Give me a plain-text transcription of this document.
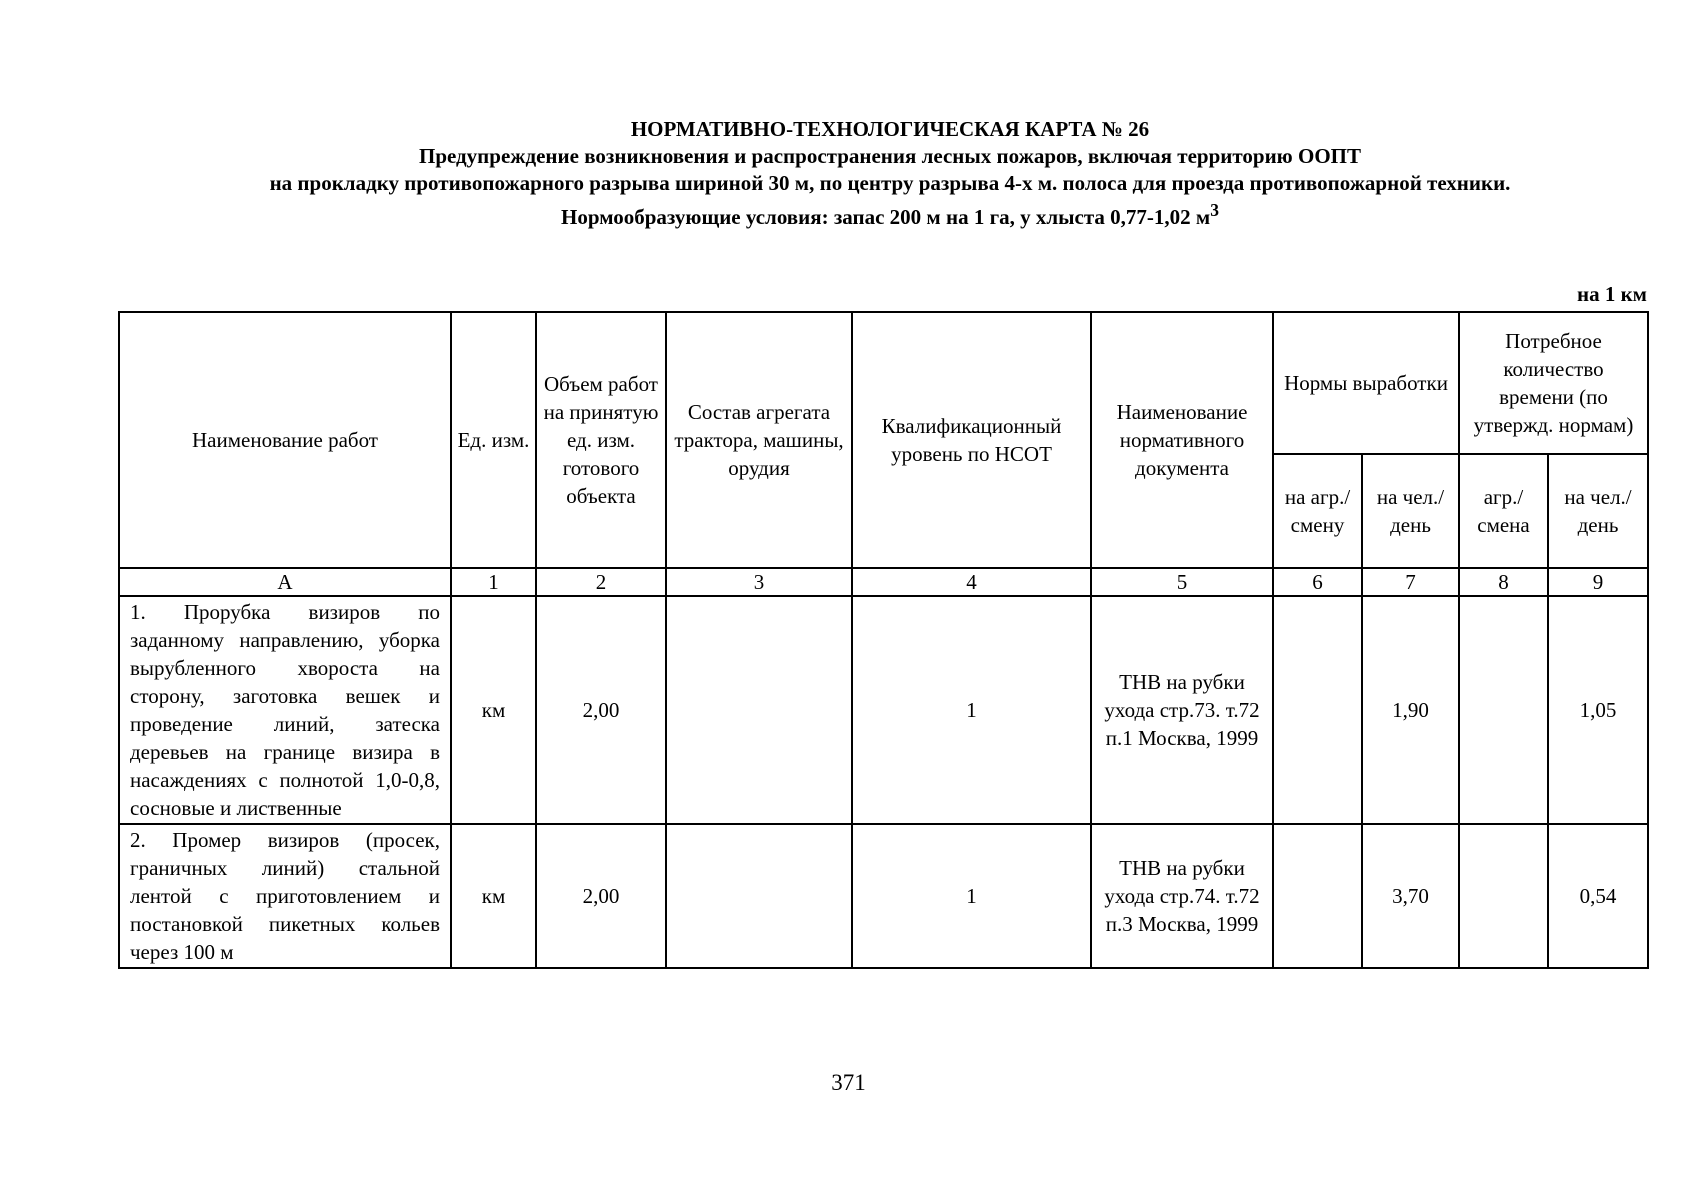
НОРМАТИВНО-ТЕХНОЛОГИЧЕСКАЯ КАРТА № 26
Предупреждение возникновения и распространения лесных пожаров, включая территорию ООПТ
на прокладку противопожарного разрыва шириной 30 м, по центру разрыва 4-х м. полоса для проезда противопожарной техники.
Нормообразующие условия: запас 200 м на 1 га, у хлыста 0,77-1,02 $м^3$
на 1 км
Наименование работ	Ед. изм.	Объем работ на принятую ед. изм. готового объекта	Состав агрегата трактора, машины, орудия	Квалификационный уровень по НСОТ	Наименование нормативного документа	Нормы выработки		Потребное количество времени (по утвержд. нормам)	
						на агр./ смену	на чел./ день	агр./ смена	на чел./ день
А	1	2	3	4	5	6	7	8	9
1. Прорубка визиров по заданному направлению, уборка вырубленного хвороста на сторону, заготовка вешек и проведение линий, затеска деревьев на границе визира в насаждениях с полнотой 1,0-0,8, сосновые и лиственные	км	2,00		1	ТНВ на рубки ухода стр.73. т.72 п.1 Москва, 1999		1,90		1,05
2. Промер визиров (просек, граничных линий) стальной лентой с приготовлением и постановкой пикетных кольев через 100 м	км	2,00		1	ТНВ на рубки ухода стр.74. т.72 п.3 Москва, 1999		3,70		0,54
371
